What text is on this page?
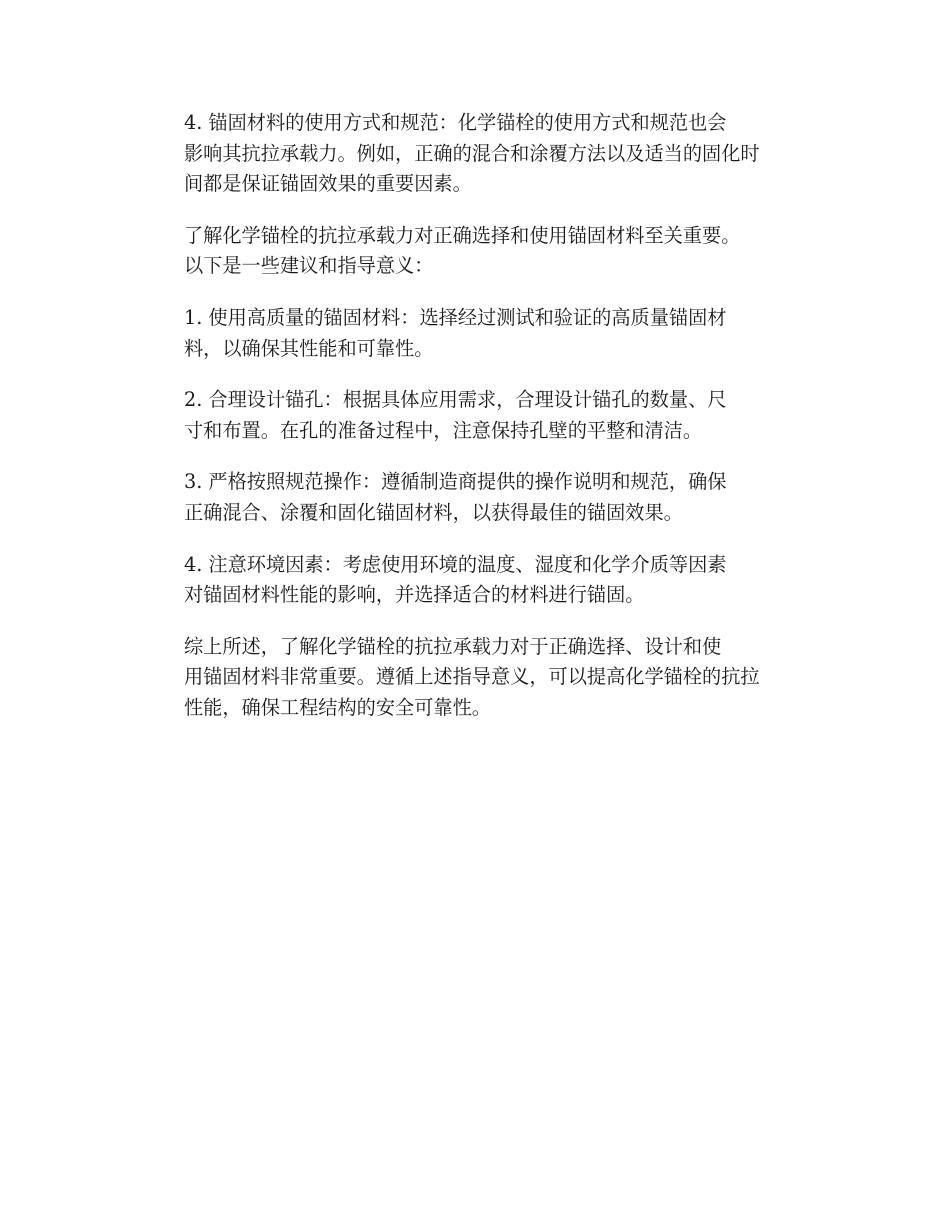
4. 锚固材料的使用方式和规范：化学锚栓的使用方式和规范也会
影响其抗拉承载力。例如，正确的混合和涂覆方法以及适当的固化时
间都是保证锚固效果的重要因素。

了解化学锚栓的抗拉承载力对正确选择和使用锚固材料至关重要。
以下是一些建议和指导意义：

1. 使用高质量的锚固材料：选择经过测试和验证的高质量锚固材
料，以确保其性能和可靠性。

2. 合理设计锚孔：根据具体应用需求，合理设计锚孔的数量、尺
寸和布置。在孔的准备过程中，注意保持孔壁的平整和清洁。

3. 严格按照规范操作：遵循制造商提供的操作说明和规范，确保
正确混合、涂覆和固化锚固材料，以获得最佳的锚固效果。

4. 注意环境因素：考虑使用环境的温度、湿度和化学介质等因素
对锚固材料性能的影响，并选择适合的材料进行锚固。

综上所述，了解化学锚栓的抗拉承载力对于正确选择、设计和使
用锚固材料非常重要。遵循上述指导意义，可以提高化学锚栓的抗拉
性能，确保工程结构的安全可靠性。
